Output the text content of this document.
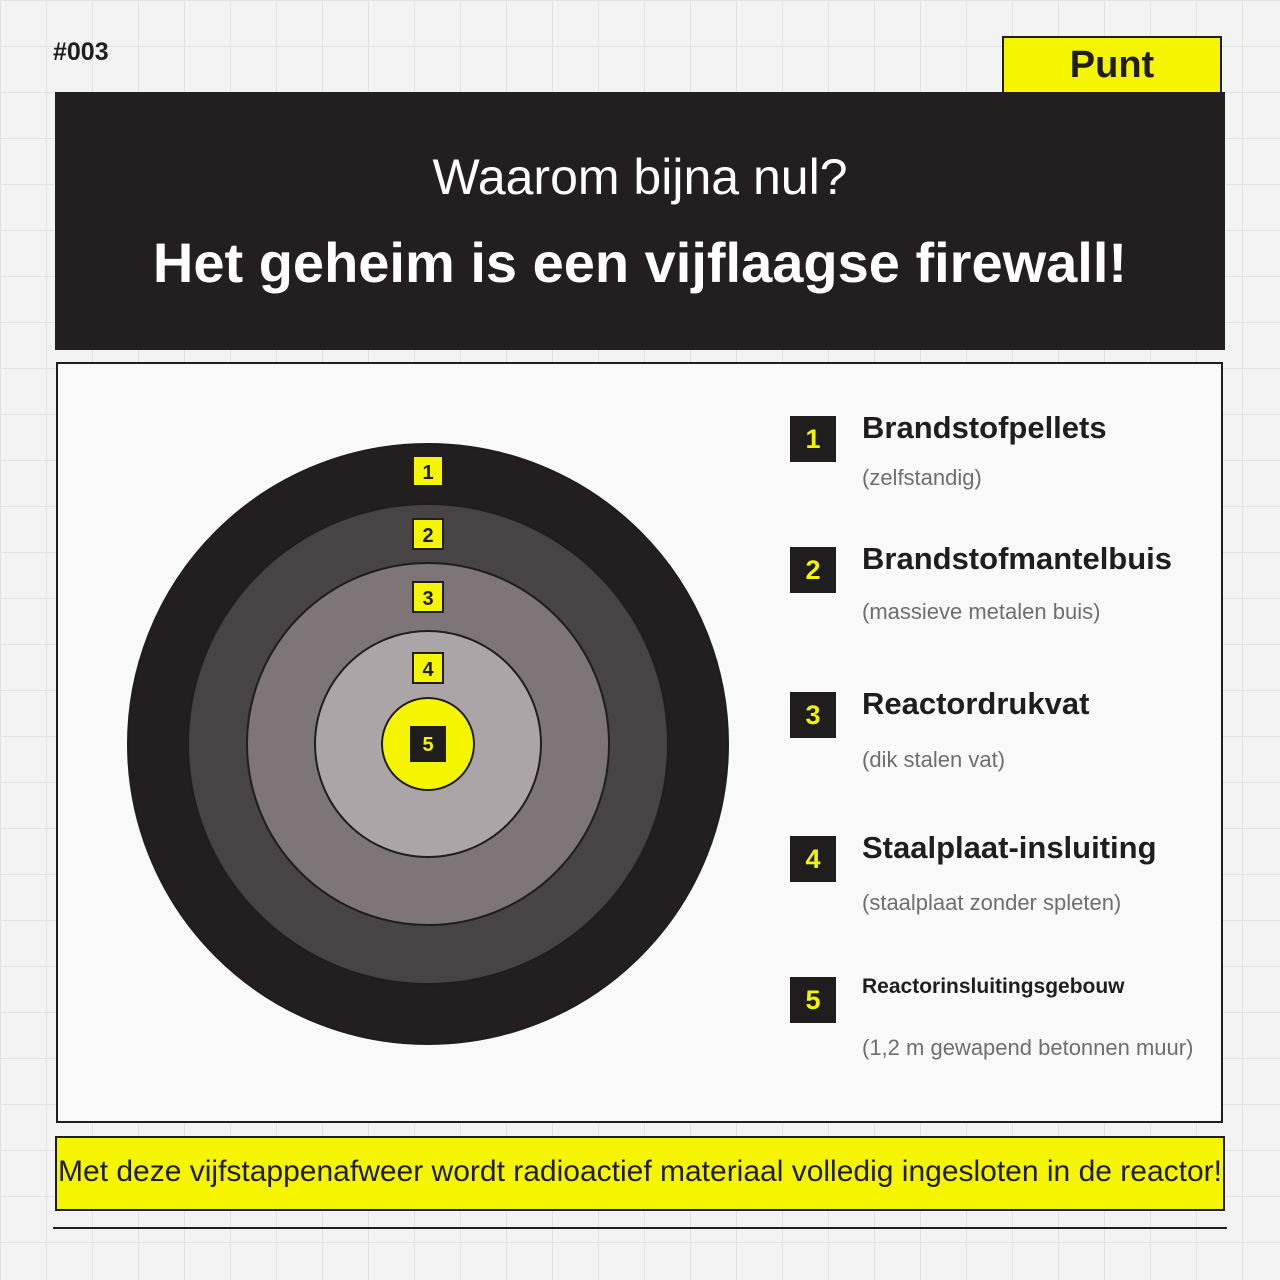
#003	Punt
Waarom bijna nul?
Het geheim is een vijflaagse firewall!
1
2
3
4
5
1	Brandstofpellets
(zelfstandig)
2	Brandstofmantelbuis
(massieve metalen buis)
3	Reactordrukvat
(dik stalen vat)
4	Staalplaat-insluiting
(staalplaat zonder spleten)
5	Reactorinsluitingsgebouw
(1,2 m gewapend betonnen muur)
Met deze vijfstappenafweer wordt radioactief materiaal volledig ingesloten in de reactor!
